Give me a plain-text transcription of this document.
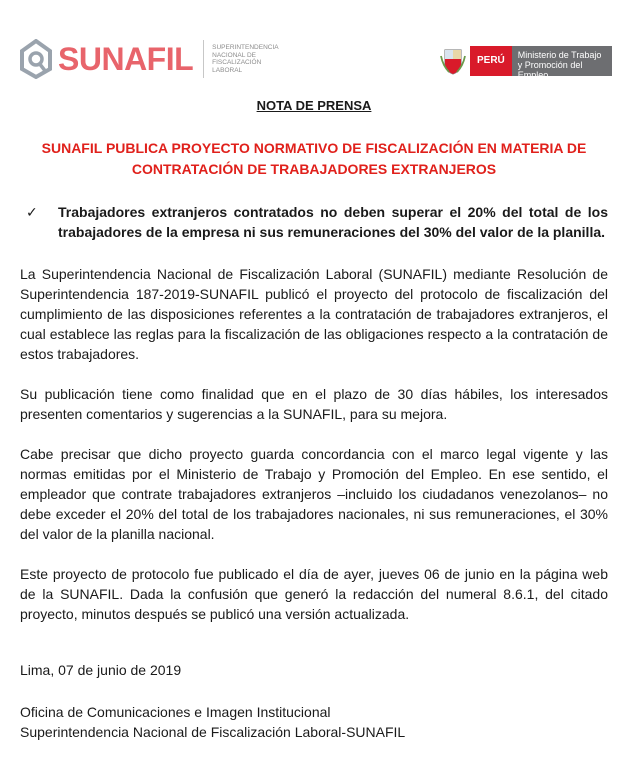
SUNAFIL	SUPERINTENDENCIA NACIONAL DE FISCALIZACIÓN LABORAL
PERÚ	Ministerio de Trabajo y Promoción del Empleo
NOTA DE PRENSA
SUNAFIL PUBLICA PROYECTO NORMATIVO DE FISCALIZACIÓN EN MATERIA DE CONTRATACIÓN DE TRABAJADORES EXTRANJEROS
✓	Trabajadores extranjeros contratados no deben superar el 20% del total de los trabajadores de la empresa ni sus remuneraciones del 30% del valor de la planilla.

La Superintendencia Nacional de Fiscalización Laboral (SUNAFIL) mediante Resolución de Superintendencia 187-2019-SUNAFIL publicó el proyecto del protocolo de fiscalización del cumplimiento de las disposiciones referentes a la contratación de trabajadores extranjeros, el cual establece las reglas para la fiscalización de las obligaciones respecto a la contratación de estos trabajadores.

Su publicación tiene como finalidad que en el plazo de 30 días hábiles, los interesados presenten comentarios y sugerencias a la SUNAFIL, para su mejora.

Cabe precisar que dicho proyecto guarda concordancia con el marco legal vigente y las normas emitidas por el Ministerio de Trabajo y Promoción del Empleo. En ese sentido, el empleador que contrate trabajadores extranjeros –incluido los ciudadanos venezolanos– no debe exceder el 20% del total de los trabajadores nacionales, ni sus remuneraciones, el 30% del valor de la planilla nacional.

Este proyecto de protocolo fue publicado el día de ayer, jueves 06 de junio en la página web de la SUNAFIL. Dada la confusión que generó la redacción del numeral 8.6.1, del citado proyecto, minutos después se publicó una versión actualizada.

Lima, 07 de junio de 2019

Oficina de Comunicaciones e Imagen Institucional

Superintendencia Nacional de Fiscalización Laboral-SUNAFIL
